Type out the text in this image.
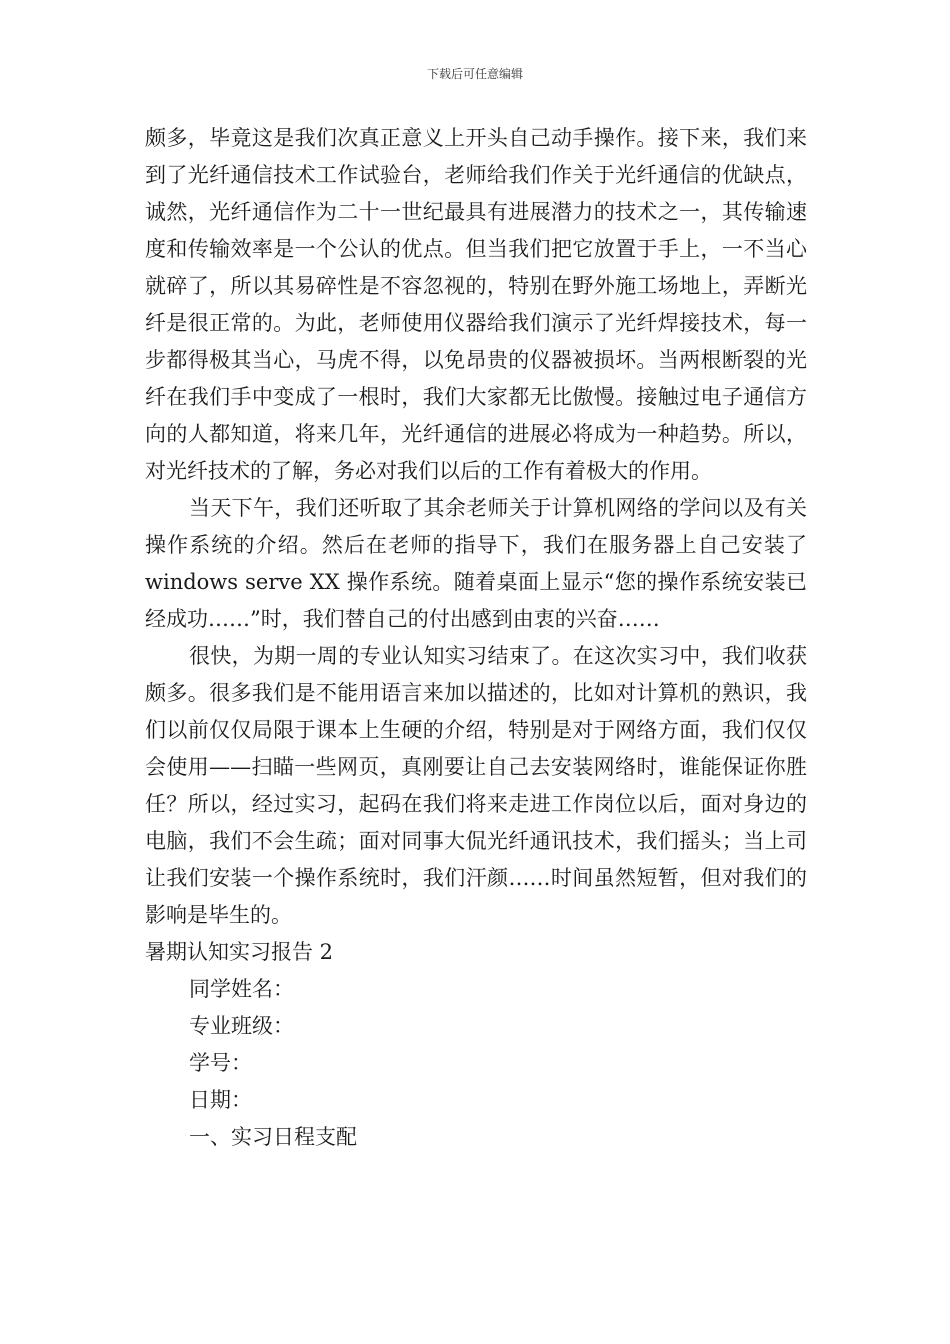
下载后可任意编辑

颇多，毕竟这是我们次真正意义上开头自己动手操作。接下来，我们来到了光纤通信技术工作试验台，老师给我们作关于光纤通信的优缺点，诚然，光纤通信作为二十一世纪最具有进展潜力的技术之一，其传输速度和传输效率是一个公认的优点。但当我们把它放置于手上，一不当心就碎了，所以其易碎性是不容忽视的，特别在野外施工场地上，弄断光纤是很正常的。为此，老师使用仪器给我们演示了光纤焊接技术，每一步都得极其当心，马虎不得，以免昂贵的仪器被损坏。当两根断裂的光纤在我们手中变成了一根时，我们大家都无比傲慢。接触过电子通信方向的人都知道，将来几年，光纤通信的进展必将成为一种趋势。所以，对光纤技术的了解，务必对我们以后的工作有着极大的作用。

当天下午，我们还听取了其余老师关于计算机网络的学问以及有关操作系统的介绍。然后在老师的指导下，我们在服务器上自己安装了 windows serve XX 操作系统。随着桌面上显示“您的操作系统安装已经成功……”时，我们替自己的付出感到由衷的兴奋……

很快，为期一周的专业认知实习结束了。在这次实习中，我们收获颇多。很多我们是不能用语言来加以描述的，比如对计算机的熟识，我们以前仅仅局限于课本上生硬的介绍，特别是对于网络方面，我们仅仅会使用——扫瞄一些网页，真刚要让自己去安装网络时，谁能保证你胜任？所以，经过实习，起码在我们将来走进工作岗位以后，面对身边的电脑，我们不会生疏；面对同事大侃光纤通讯技术，我们摇头；当上司让我们安装一个操作系统时，我们汗颜……时间虽然短暂，但对我们的影响是毕生的。

暑期认知实习报告 2

同学姓名：

专业班级：

学号：

日期：

一、实习日程支配
